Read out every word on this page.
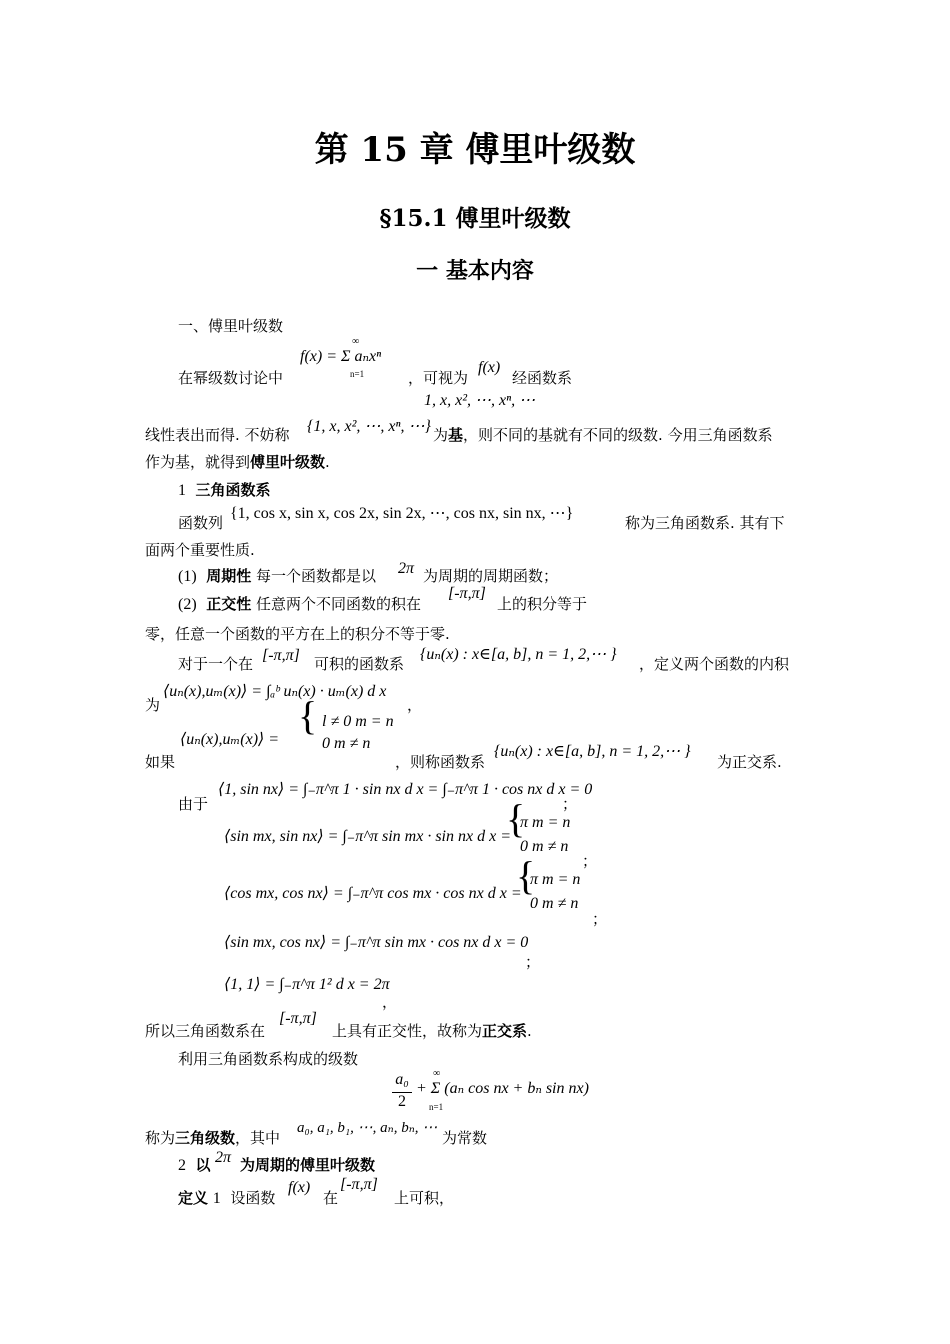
第 15 章 傅里叶级数
§15.1 傅里叶级数
一 基本内容
一、傅里叶级数
在幂级数讨论中
∞
f(x) = Σ aₙxⁿ
n=1	，可视为
f(x)
经函数系
1, x, x², ⋯, xⁿ, ⋯
线性表出而得. 不妨称 {1, x, x², ⋯, xⁿ, ⋯} 为基，则不同的基就有不同的级数. 今用三角函数系
作为基，就得到傅里叶级数.
1 三角函数系
函数列
{1, cos x, sin x, cos 2x, sin 2x, ⋯, cos nx, sin nx, ⋯}
称为三角函数系. 其有下
面两个重要性质.
(1) 周期性 每一个函数都是以 2π 为周期的周期函数；
(2) 正交性 任意两个不同函数的积在
[-π,π]
上的积分等于
零，任意一个函数的平方在上的积分不等于零.
对于一个在 [-π,π] 可积的函数系
{uₙ(x) : x∈[a, b], n = 1, 2,⋯ }
，定义两个函数的内积
为
⟨uₙ(x),uₘ(x)⟩ = ∫ₐᵇ uₙ(x) · uₘ(x) d x
，
⟨uₙ(x),uₘ(x)⟩ =
{ l ≠ 0 m = n
0 m ≠ n
如果	，则称函数系
{uₙ(x) : x∈[a, b], n = 1, 2,⋯ }
为正交系.
由于
⟨1, sin nx⟩ = ∫₋π^π 1 · sin nx d x = ∫₋π^π 1 · cos nx d x = 0
；
⟨sin mx, sin nx⟩ = ∫₋π^π sin mx · sin nx d x =
{
π m = n
0 m ≠ n
；
⟨cos mx, cos nx⟩ = ∫₋π^π cos mx · cos nx d x =
{
π m = n
0 m ≠ n
；
⟨sin mx, cos nx⟩ = ∫₋π^π sin mx · cos nx d x = 0
；
⟨1, 1⟩ = ∫₋π^π 1² d x = 2π
，
所以三角函数系在
[-π,π]
上具有正交性，故称为正交系.
利用三角函数系构成的级数
a₀
2
∞
+ Σ (aₙ cos nx + bₙ sin nx)
n=1
称为三角级数，其中
a₀, a₁, b₁, ⋯, aₙ, bₙ, ⋯
为常数
2 以 2π 为周期的傅里叶级数
定义 1 设函数
f(x)
在
[-π,π]
上可积，
